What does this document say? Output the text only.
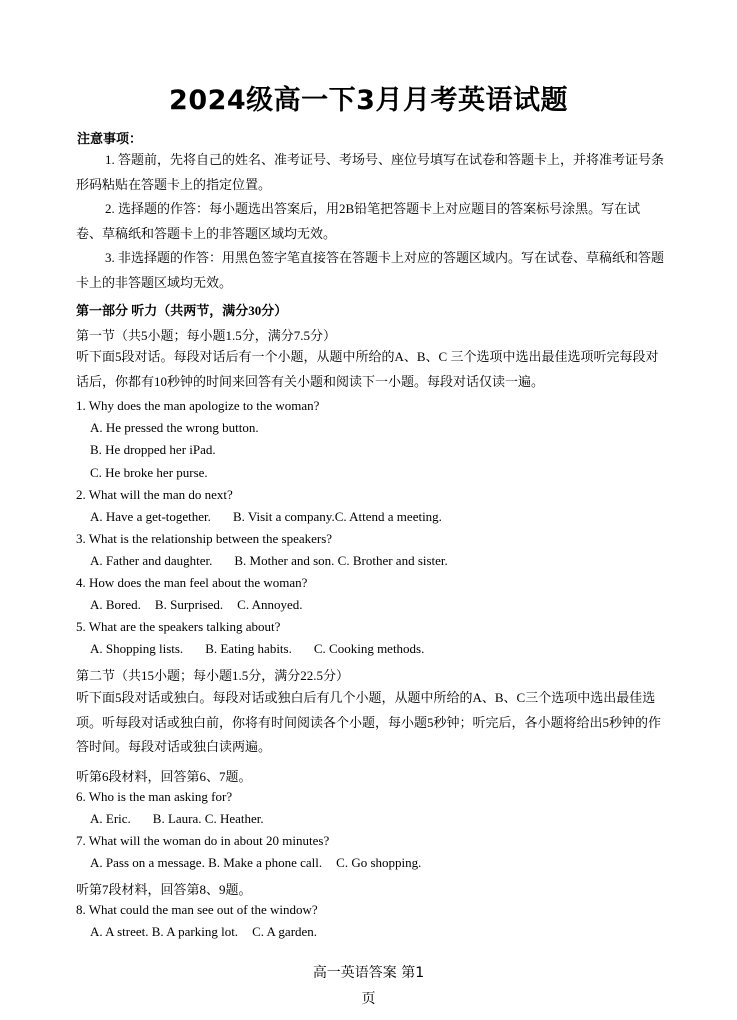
2024级高一下3月月考英语试题
注意事项：

1. 答题前，先将自己的姓名、准考证号、考场号、座位号填写在试卷和答题卡上，并将准考证号条形码粘贴在答题卡上的指定位置。

2. 选择题的作答：每小题选出答案后，用2B铅笔把答题卡上对应题目的答案标号涂黑。写在试卷、草稿纸和答题卡上的非答题区域均无效。

3. 非选择题的作答：用黑色签字笔直接答在答题卡上对应的答题区域内。写在试卷、草稿纸和答题卡上的非答题区域均无效。

第一部分 听力（共两节，满分30分）
第一节（共5小题；每小题1.5分，满分7.5分）

听下面5段对话。每段对话后有一个小题，从题中所给的A、B、C 三个选项中选出最佳选项听完每段对话后，你都有10秒钟的时间来回答有关小题和阅读下一小题。每段对话仅读一遍。

1. Why does the man apologize to the woman?
A. He pressed the wrong button.
B. He dropped her iPad.
C. He broke her purse.
2. What will the man do next?
A. Have a get-together. B. Visit a company.C. Attend a meeting.
3. What is the relationship between the speakers?
A. Father and daughter. B. Mother and son. C. Brother and sister.
4. How does the man feel about the woman?
A. Bored. B. Surprised. C. Annoyed.
5. What are the speakers talking about?
A. Shopping lists. B. Eating habits. C. Cooking methods.
第二节（共15小题；每小题1.5分，满分22.5分）

听下面5段对话或独白。每段对话或独白后有几个小题，从题中所给的A、B、C三个选项中选出最佳选项。听每段对话或独白前，你将有时间阅读各个小题，每小题5秒钟；听完后，各小题将给出5秒钟的作答时间。每段对话或独白读两遍。

听第6段材料，回答第6、7题。
6. Who is the man asking for?
A. Eric. B. Laura. C. Heather.
7. What will the woman do in about 20 minutes?
A. Pass on a message. B. Make a phone call. C. Go shopping.
听第7段材料，回答第8、9题。
8. What could the man see out of the window?
A. A street. B. A parking lot. C. A garden.
高一英语答案 第1
页
